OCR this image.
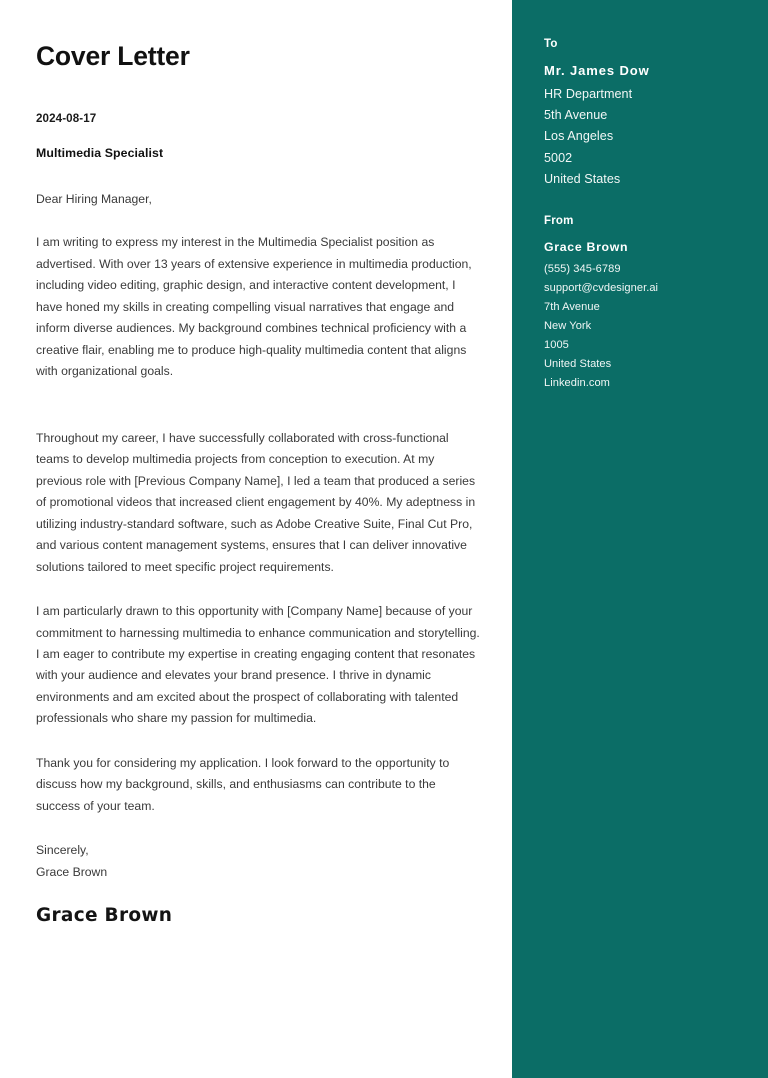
Cover Letter
2024-08-17
Multimedia Specialist
Dear Hiring Manager,

I am writing to express my interest in the Multimedia Specialist position as advertised. With over 13 years of extensive experience in multimedia production, including video editing, graphic design, and interactive content development, I have honed my skills in creating compelling visual narratives that engage and inform diverse audiences. My background combines technical proficiency with a creative flair, enabling me to produce high-quality multimedia content that aligns with organizational goals.

Throughout my career, I have successfully collaborated with cross-functional teams to develop multimedia projects from conception to execution. At my previous role with [Previous Company Name], I led a team that produced a series of promotional videos that increased client engagement by 40%. My adeptness in utilizing industry-standard software, such as Adobe Creative Suite, Final Cut Pro, and various content management systems, ensures that I can deliver innovative solutions tailored to meet specific project requirements.

I am particularly drawn to this opportunity with [Company Name] because of your commitment to harnessing multimedia to enhance communication and storytelling. I am eager to contribute my expertise in creating engaging content that resonates with your audience and elevates your brand presence. I thrive in dynamic environments and am excited about the prospect of collaborating with talented professionals who share my passion for multimedia.

Thank you for considering my application. I look forward to the opportunity to discuss how my background, skills, and enthusiasms can contribute to the success of your team.

Sincerely,
Grace Brown
Grace Brown
To
Mr. James Dow
HR Department
5th Avenue
Los Angeles
5002
United States
From
Grace Brown
(555) 345-6789
support@cvdesigner.ai
7th Avenue
New York
1005
United States
Linkedin.com
